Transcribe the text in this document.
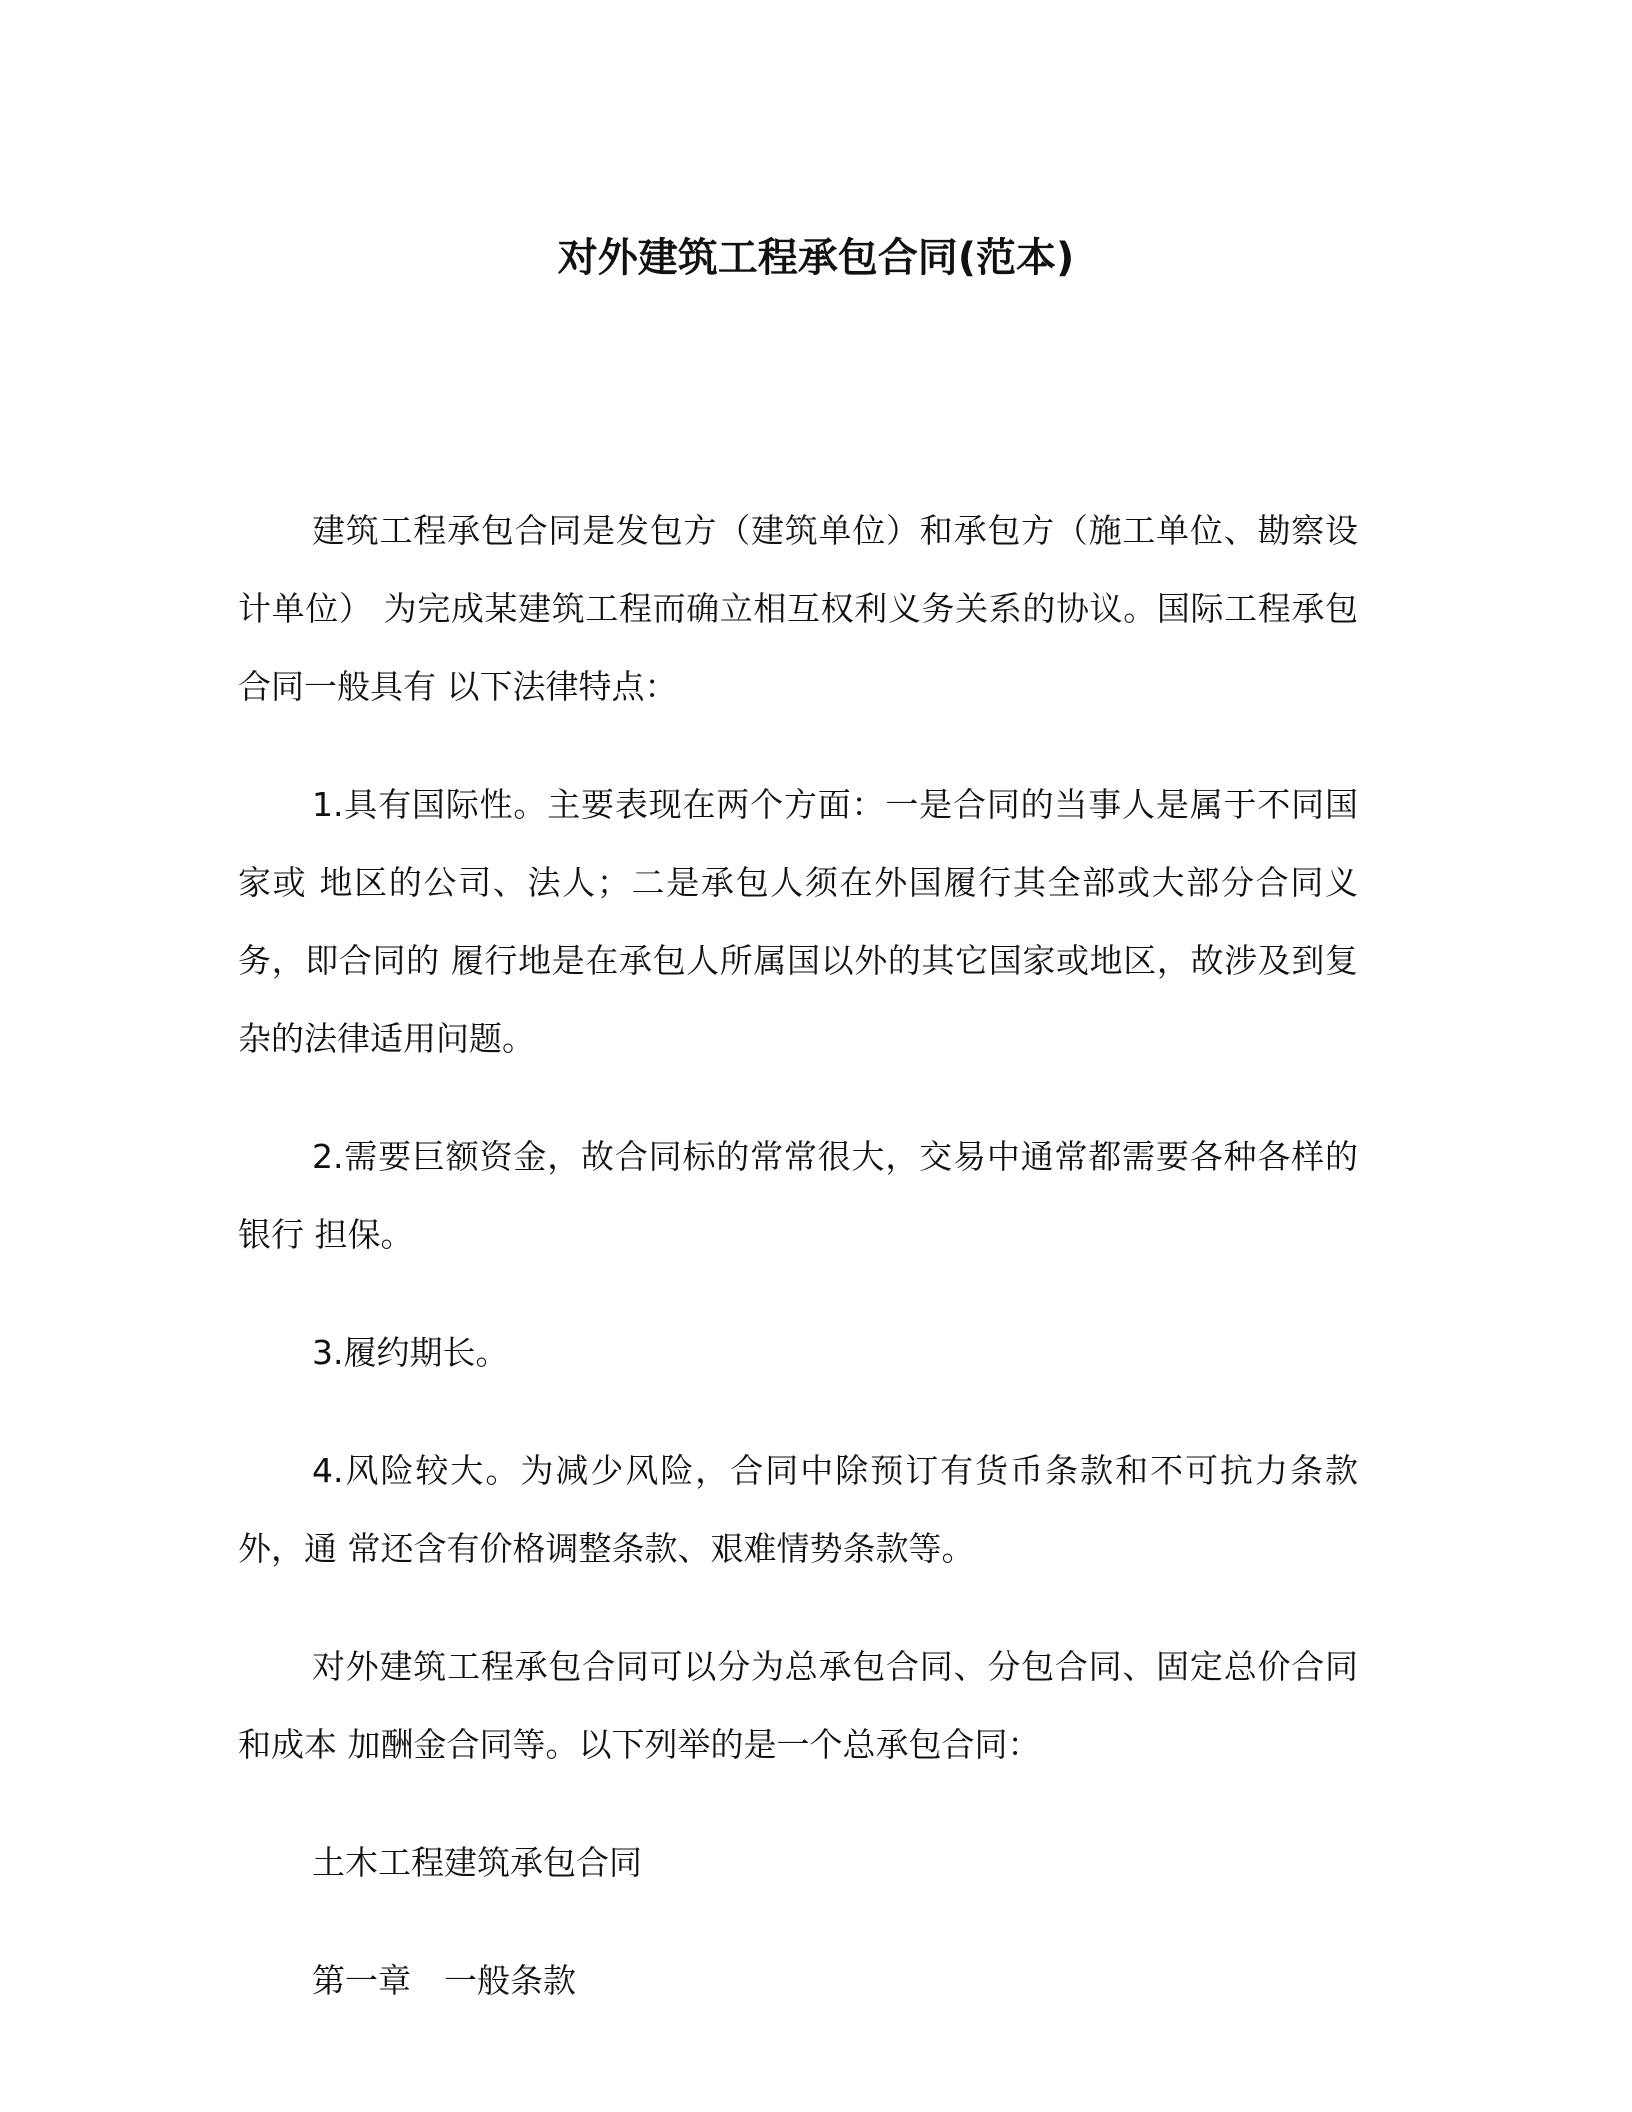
对外建筑工程承包合同(范本)

建筑工程承包合同是发包方（建筑单位）和承包方（施工单位、勘察设计单位） 为完成某建筑工程而确立相互权利义务关系的协议。国际工程承包合同一般具有 以下法律特点：

1.具有国际性。主要表现在两个方面：一是合同的当事人是属于不同国家或 地区的公司、法人；二是承包人须在外国履行其全部或大部分合同义务，即合同的 履行地是在承包人所属国以外的其它国家或地区，故涉及到复杂的法律适用问题。

2.需要巨额资金，故合同标的常常很大，交易中通常都需要各种各样的银行 担保。

3.履约期长。

4.风险较大。为减少风险，合同中除预订有货币条款和不可抗力条款外，通 常还含有价格调整条款、艰难情势条款等。

对外建筑工程承包合同可以分为总承包合同、分包合同、固定总价合同和成本 加酬金合同等。以下列举的是一个总承包合同：

土木工程建筑承包合同

第一章　一般条款
